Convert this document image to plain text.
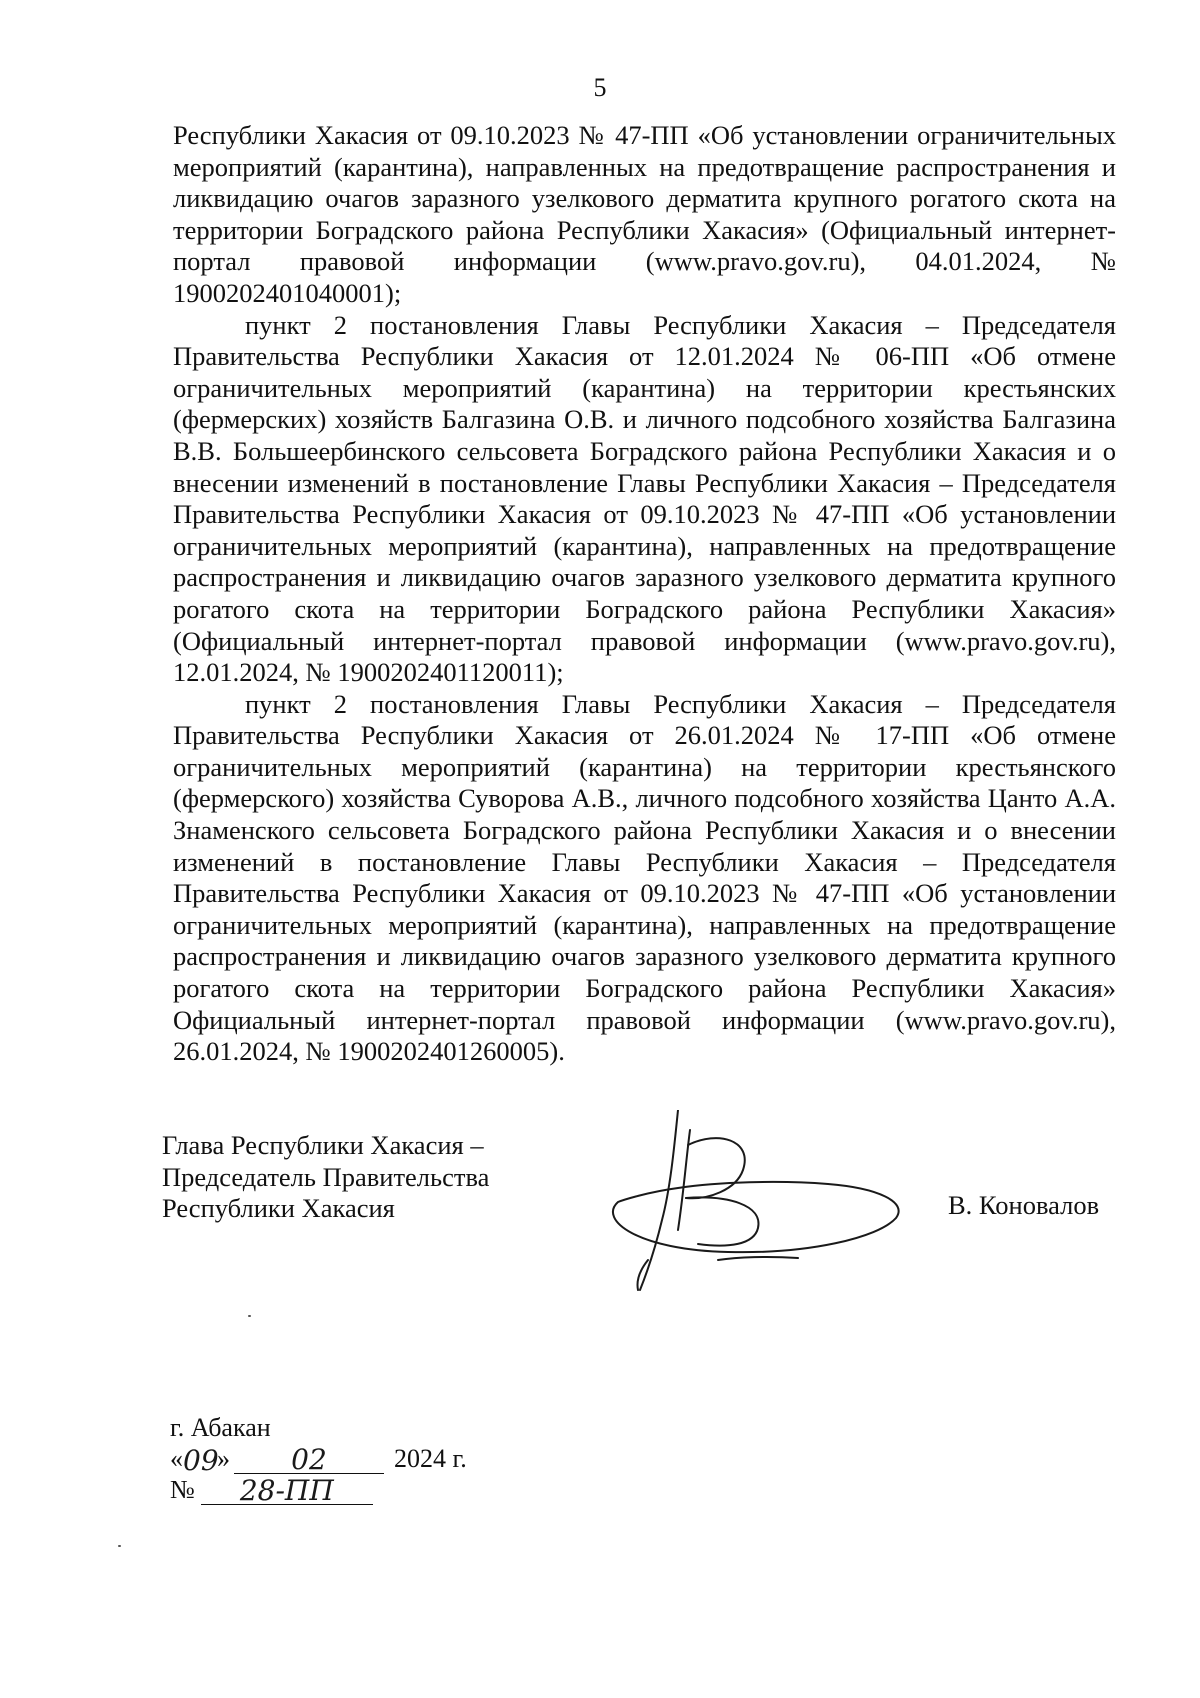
5

Республики Хакасия от 09.10.2023 № 47-ПП «Об установлении ограничительных мероприятий (карантина), направленных на предотвращение распространения и ликвидацию очагов заразного узелкового дерматита крупного рогатого скота на территории Боградского района Республики Хакасия» (Официальный интернет-портал правовой информации (www.pravo.gov.ru), 04.01.2024, № 1900202401040001);

пункт 2 постановления Главы Республики Хакасия – Председателя Правительства Республики Хакасия от 12.01.2024 № 06-ПП «Об отмене ограничительных мероприятий (карантина) на территории крестьянских (фермерских) хозяйств Балгазина О.В. и личного подсобного хозяйства Балгазина В.В. Большеербинского сельсовета Боградского района Республики Хакасия и о внесении изменений в постановление Главы Республики Хакасия – Председателя Правительства Республики Хакасия от 09.10.2023 № 47-ПП «Об установлении ограничительных мероприятий (карантина), направленных на предотвращение распространения и ликвидацию очагов заразного узелкового дерматита крупного рогатого скота на территории Боградского района Республики Хакасия» (Официальный интернет-портал правовой информации (www.pravo.gov.ru), 12.01.2024, № 1900202401120011);

пункт 2 постановления Главы Республики Хакасия – Председателя Правительства Республики Хакасия от 26.01.2024 № 17-ПП «Об отмене ограничительных мероприятий (карантина) на территории крестьянского (фермерского) хозяйства Суворова А.В., личного подсобного хозяйства Цанто А.А. Знаменского сельсовета Боградского района Республики Хакасия и о внесении изменений в постановление Главы Республики Хакасия – Председателя Правительства Республики Хакасия от 09.10.2023 № 47-ПП «Об установлении ограничительных мероприятий (карантина), направленных на предотвращение распространения и ликвидацию очагов заразного узелкового дерматита крупного рогатого скота на территории Боградского района Республики Хакасия» Официальный интернет-портал правовой информации (www.pravo.gov.ru), 26.01.2024, № 1900202401260005).

Глава Республики Хакасия –
Председатель Правительства
Республики Хакасия	В. Коновалов
г. Абакан
« 09
»	02	2024 г.
№	28-ПП
